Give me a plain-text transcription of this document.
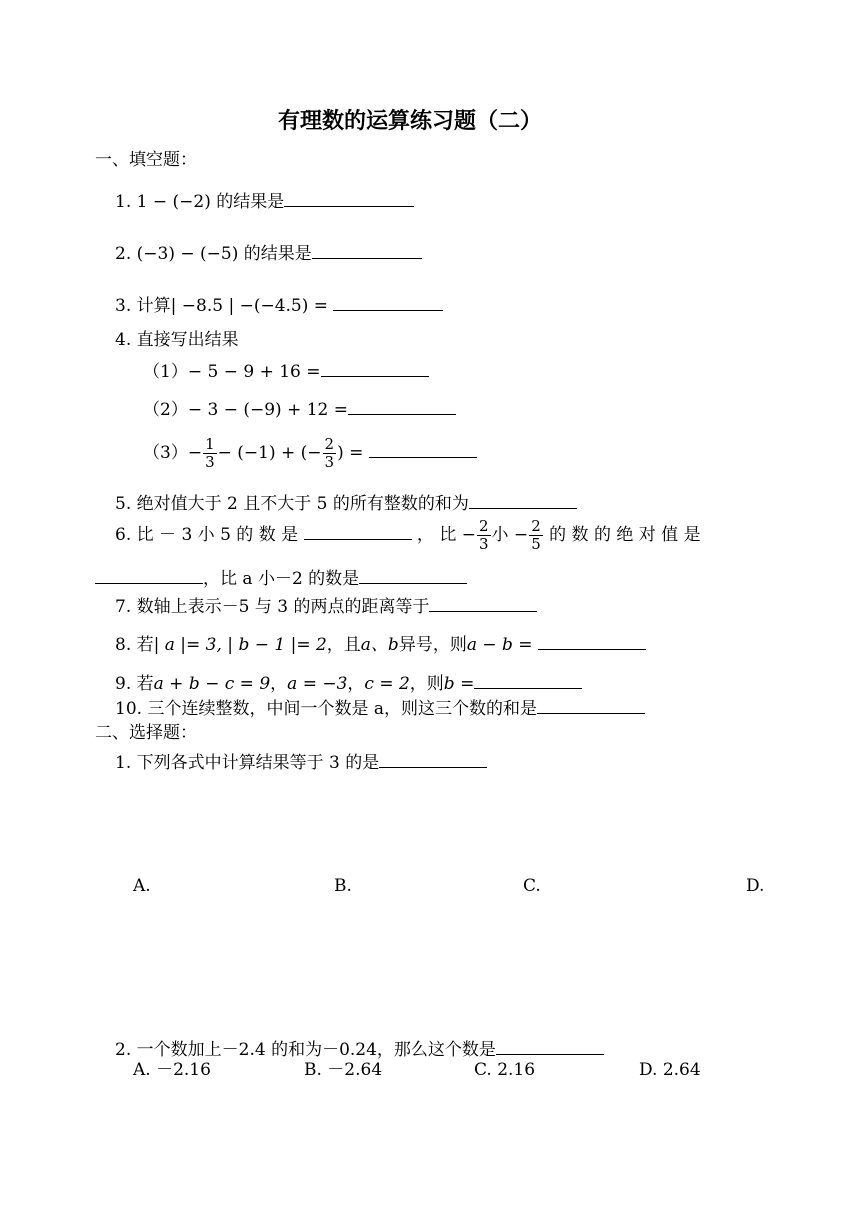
有理数的运算练习题（二）
一、填空题：
1. 1 − (−2) 的结果是
2. (−3) − (−5) 的结果是
3. 计算| −8.5 | −(−4.5) =
4. 直接写出结果
（1）− 5 − 9 + 16 =
（2）− 3 − (−9) + 12 =
$(3)- \frac{1}{3} - (-1)$ + (− $\frac{2}{3}$ ) =
5. 绝对值大于 2 且不大于 5 的所有整数的和为
6. 比 － 3 小 5 的 数 是	， 比 − $\frac{2}{3}$ 小 − $\frac{2}{5}$ 的 数 的 绝 对 值 是
，比 a 小－2 的数是
7. 数轴上表示－5 与 3 的两点的距离等于
8. 若| a |= 3, | b − 1 |= 2，且a、b异号，则a − b =
9. 若a + b − c = 9，a = −3，c = 2，则b =
10. 三个连续整数，中间一个数是 a，则这三个数的和是
二、选择题：
1. 下列各式中计算结果等于 3 的是
A.	B.	C.	D.
2. 一个数加上－2.4 的和为－0.24，那么这个数是
A. －2.16	B. －2.64	C. 2.16	D. 2.64
